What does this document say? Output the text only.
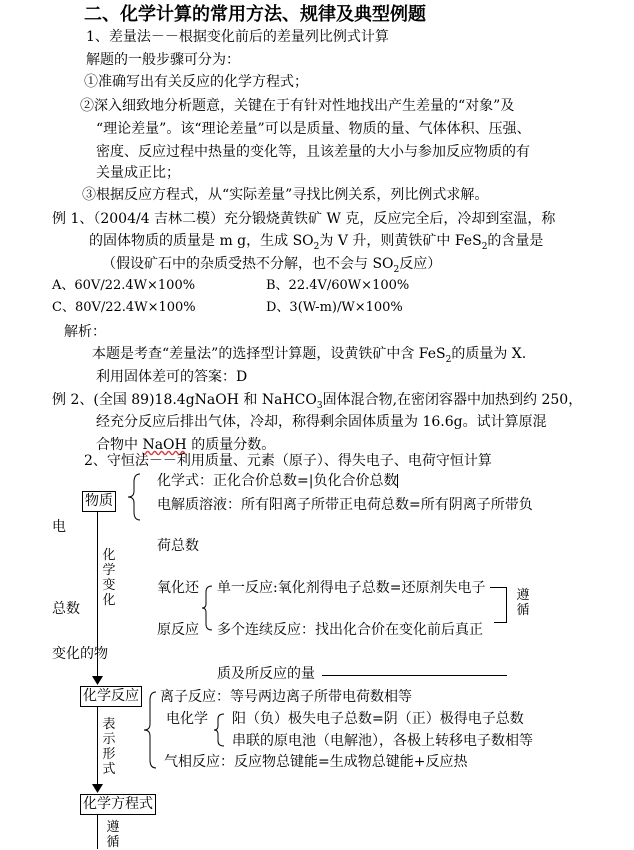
二、化学计算的常用方法、规律及典型例题
1、差量法－－根据变化前后的差量列比例式计算
解题的一般步骤可分为：
①准确写出有关反应的化学方程式；
②深入细致地分析题意，关键在于有针对性地找出产生差量的“对象”及
“理论差量”。该“理论差量”可以是质量、物质的量、气体体积、压强、
密度、反应过程中热量的变化等，且该差量的大小与参加反应物质的有
关量成正比；
③根据反应方程式，从“实际差量”寻找比例关系，列比例式求解。
例 1、（2004/4 吉林二模）充分锻烧黄铁矿 W 克，反应完全后，冷却到室温，称
的固体物质的质量是 m g，生成 $SO_2$为 V 升，则黄铁矿中 FeS$_2$的含量是
（假设矿石中的杂质受热不分解，也不会与 $SO_2$反应）
A、60V/22.4W×100%	B、22.4V/60W×100%
C、80V/22.4W×100%	D、3(W-m)/W×100%
解析：
本题是考查“差量法”的选择型计算题，设黄铁矿中含 FeS$_2$的质量为 X.
利用固体差可的答案：D
例 2、(全国 89)18.4gNaOH 和 NaHCO$_3$固体混合物,在密闭容器中加热到约 250，
经充分反应后排出气体，冷却，称得剩余固体质量为 16.6g。试计算原混
合物中 NaOH 的质量分数。
2、守恒法－－利用质量、元素（原子）、得失电子、电荷守恒计算
化学式：正化合价总数=|负化合价总数
物质	电解质溶液：所有阳离子所带正电荷总数=所有阴离子所带负
电
荷总数
化学变化
氧化还
原反应
单一反应:氧化剂得电子总数=还原剂失电子
多个连续反应：找出化合价在变化前后真正
遵循
总数
变化的物
质及所反应的量
化学反应 离子反应：等号两边离子所带电荷数相等
电化学 阳（负）极失电子总数=阴（正）极得电子总数
串联的原电池（电解池），各极上转移电子数相等
气相反应：反应物总键能=生成物总键能+反应热
表示形式
化学方程式
遵循
